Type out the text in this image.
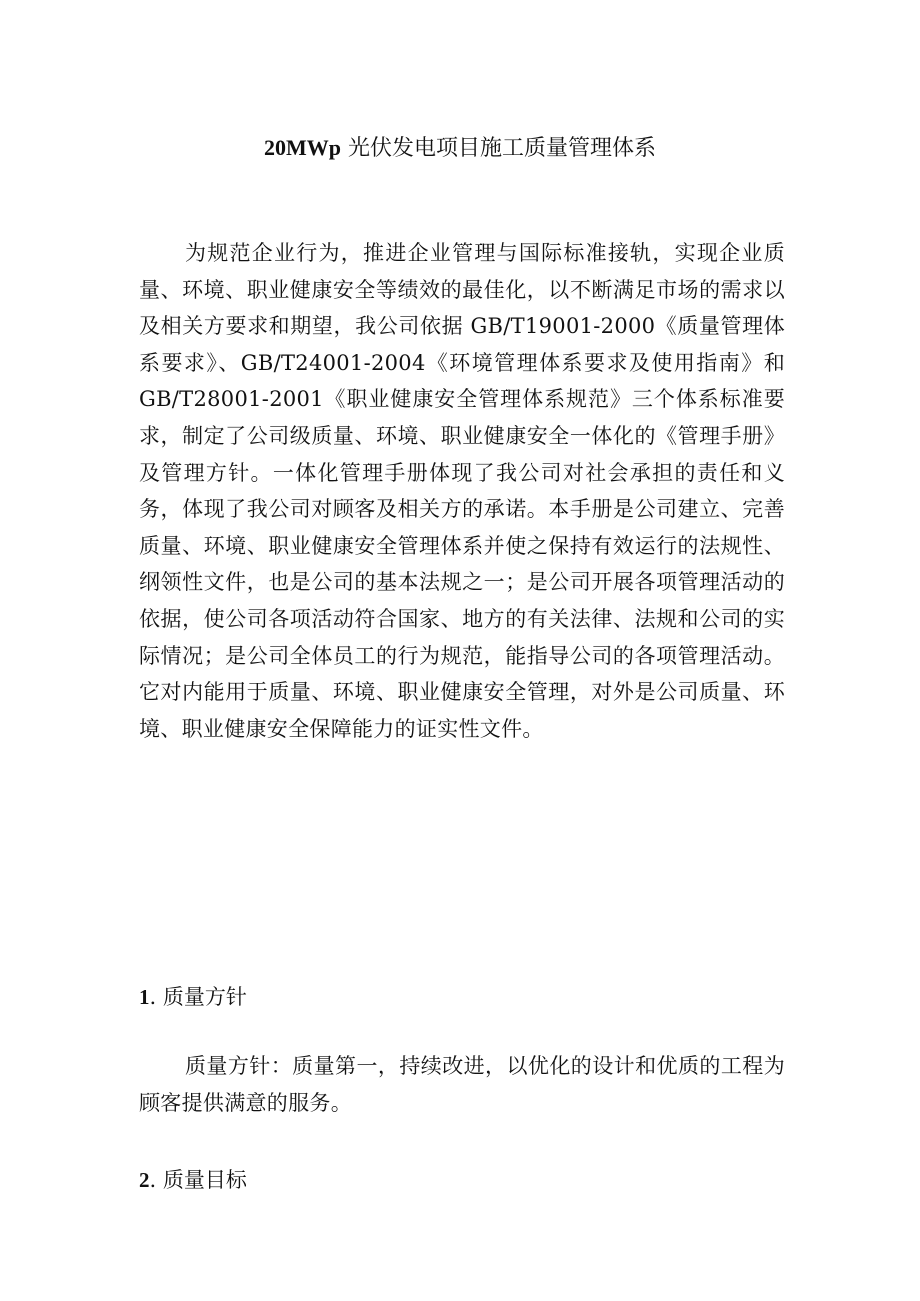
20MWp 光伏发电项目施工质量管理体系
为规范企业行为，推进企业管理与国际标准接轨，实现企业质量、环境、职业健康安全等绩效的最佳化，以不断满足市场的需求以及相关方要求和期望，我公司依据 GB/T19001-2000《质量管理体系要求》、GB/T24001-2004《环境管理体系要求及使用指南》和 GB/T28001-2001《职业健康安全管理体系规范》三个体系标准要求，制定了公司级质量、环境、职业健康安全一体化的《管理手册》及管理方针。一体化管理手册体现了我公司对社会承担的责任和义务，体现了我公司对顾客及相关方的承诺。本手册是公司建立、完善质量、环境、职业健康安全管理体系并使之保持有效运行的法规性、纲领性文件，也是公司的基本法规之一；是公司开展各项管理活动的依据，使公司各项活动符合国家、地方的有关法律、法规和公司的实际情况；是公司全体员工的行为规范，能指导公司的各项管理活动。它对内能用于质量、环境、职业健康安全管理，对外是公司质量、环境、职业健康安全保障能力的证实性文件。
1. 质量方针
质量方针：质量第一，持续改进，以优化的设计和优质的工程为顾客提供满意的服务。
2. 质量目标
